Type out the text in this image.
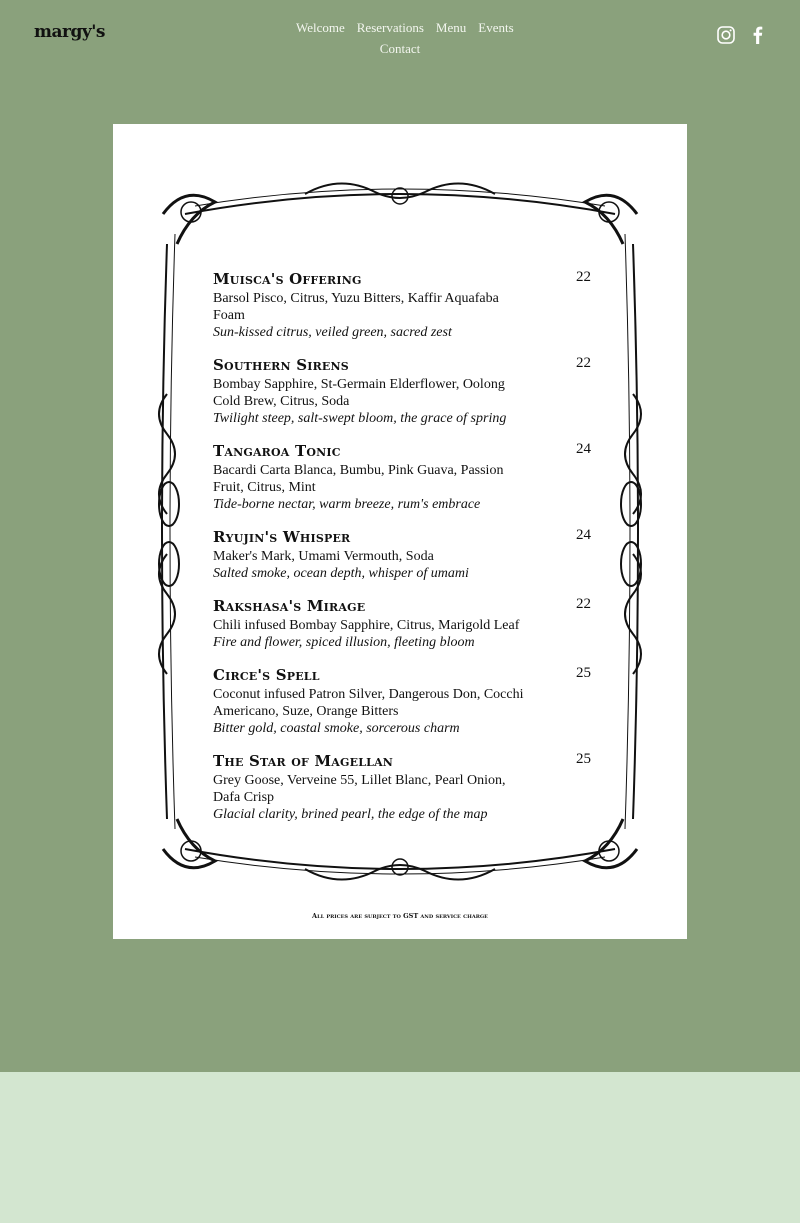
margy's	Welcome Reservations Menu Events
Contact
Muisca's Offering	22
Barsol Pisco, Citrus, Yuzu Bitters, Kaffir Aquafaba Foam
Sun-kissed citrus, veiled green, sacred zest
Southern Sirens	22
Bombay Sapphire, St-Germain Elderflower, Oolong Cold Brew, Citrus, Soda
Twilight steep, salt-swept bloom, the grace of spring
Tangaroa Tonic	24
Bacardi Carta Blanca, Bumbu, Pink Guava, Passion Fruit, Citrus, Mint
Tide-borne nectar, warm breeze, rum's embrace
Ryujin's Whisper	24
Maker's Mark, Umami Vermouth, Soda
Salted smoke, ocean depth, whisper of umami
Rakshasa's Mirage	22
Chili infused Bombay Sapphire, Citrus, Marigold Leaf
Fire and flower, spiced illusion, fleeting bloom
Circe's Spell	25
Coconut infused Patron Silver, Dangerous Don, Cocchi Americano, Suze, Orange Bitters
Bitter gold, coastal smoke, sorcerous charm
The Star of Magellan	25
Grey Goose, Verveine 55, Lillet Blanc, Pearl Onion, Dafa Crisp
Glacial clarity, brined pearl, the edge of the map
All prices are subject to GST and service charge
